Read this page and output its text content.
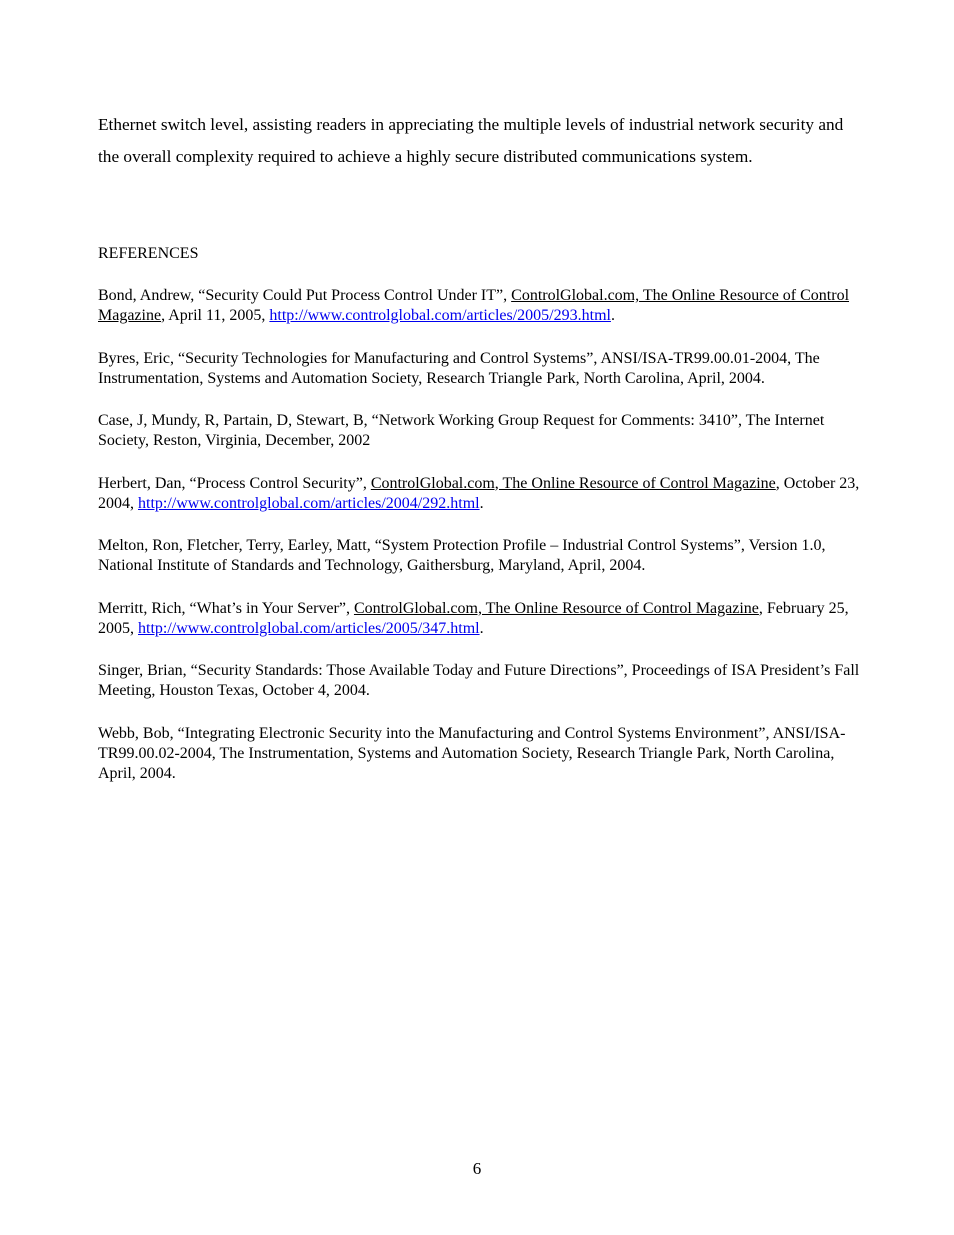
Ethernet switch level, assisting readers in appreciating the multiple levels of industrial network security and the overall complexity required to achieve a highly secure distributed communications system.

REFERENCES

Bond, Andrew, “Security Could Put Process Control Under IT”, ControlGlobal.com, The Online Resource of Control Magazine, April 11, 2005, http://www.controlglobal.com/articles/2005/293.html.
Byres, Eric, “Security Technologies for Manufacturing and Control Systems”, ANSI/ISA-TR99.00.01-2004, The Instrumentation, Systems and Automation Society, Research Triangle Park, North Carolina, April, 2004.
Case, J, Mundy, R, Partain, D, Stewart, B, “Network Working Group Request for Comments: 3410”, The Internet Society, Reston, Virginia, December, 2002
Herbert, Dan, “Process Control Security”, ControlGlobal.com, The Online Resource of Control Magazine, October 23, 2004, http://www.controlglobal.com/articles/2004/292.html.
Melton, Ron, Fletcher, Terry, Earley, Matt, “System Protection Profile – Industrial Control Systems”, Version 1.0, National Institute of Standards and Technology, Gaithersburg, Maryland, April, 2004.
Merritt, Rich, “What’s in Your Server”, ControlGlobal.com, The Online Resource of Control Magazine, February 25, 2005, http://www.controlglobal.com/articles/2005/347.html.
Singer, Brian, “Security Standards: Those Available Today and Future Directions”, Proceedings of ISA President’s Fall Meeting, Houston Texas, October 4, 2004.
Webb, Bob, “Integrating Electronic Security into the Manufacturing and Control Systems Environment”, ANSI/ISA-TR99.00.02-2004, The Instrumentation, Systems and Automation Society, Research Triangle Park, North Carolina, April, 2004.

6
